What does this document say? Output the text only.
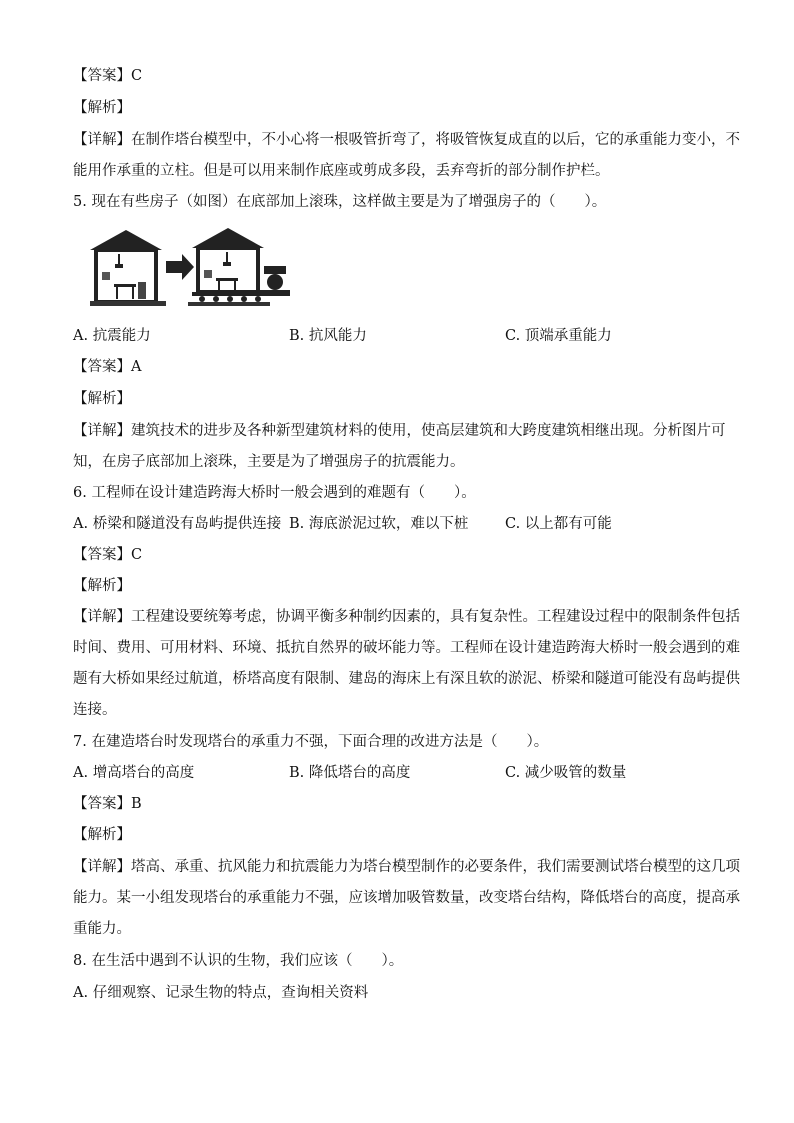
【答案】C
【解析】
【详解】在制作塔台模型中，不小心将一根吸管折弯了，将吸管恢复成直的以后，它的承重能力变小，不
能用作承重的立柱。但是可以用来制作底座或剪成多段，丢弃弯折的部分制作护栏。
5. 现在有些房子（如图）在底部加上滚珠，这样做主要是为了增强房子的（　　）。
A. 抗震能力	B. 抗风能力	C. 顶端承重能力
【答案】A
【解析】
【详解】建筑技术的进步及各种新型建筑材料的使用，使高层建筑和大跨度建筑相继出现。分析图片可
知，在房子底部加上滚珠，主要是为了增强房子的抗震能力。
6. 工程师在设计建造跨海大桥时一般会遇到的难题有（　　）。
A. 桥梁和隧道没有岛屿提供连接 B. 海底淤泥过软，难以下桩	C. 以上都有可能
【答案】C
【解析】
【详解】工程建设要统筹考虑，协调平衡多种制约因素的，具有复杂性。工程建设过程中的限制条件包括
时间、费用、可用材料、环境、抵抗自然界的破坏能力等。工程师在设计建造跨海大桥时一般会遇到的难
题有大桥如果经过航道，桥塔高度有限制、建岛的海床上有深且软的淤泥、桥梁和隧道可能没有岛屿提供
连接。
7. 在建造塔台时发现塔台的承重力不强，下面合理的改进方法是（　　）。
A. 增高塔台的高度	B. 降低塔台的高度	C. 减少吸管的数量
【答案】B
【解析】
【详解】塔高、承重、抗风能力和抗震能力为塔台模型制作的必要条件，我们需要测试塔台模型的这几项
能力。某一小组发现塔台的承重能力不强，应该增加吸管数量，改变塔台结构，降低塔台的高度，提高承
重能力。
8. 在生活中遇到不认识的生物，我们应该（　　）。
A. 仔细观察、记录生物的特点，查询相关资料
